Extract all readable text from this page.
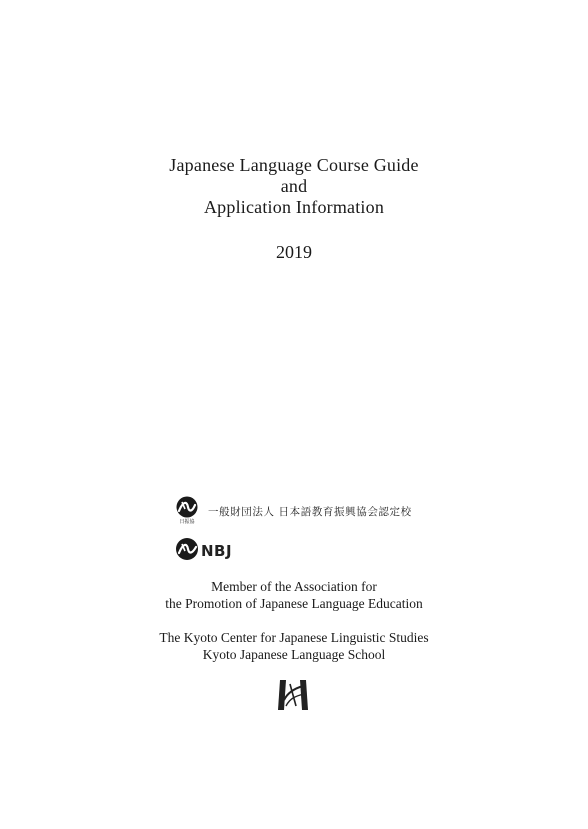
Japanese Language Course Guide
and
Application Information
2019
日振協
一般財団法人 日本語教育振興協会認定校
NBJ
Member of the Association for
the Promotion of Japanese Language Education
The Kyoto Center for Japanese Linguistic Studies
Kyoto Japanese Language School
